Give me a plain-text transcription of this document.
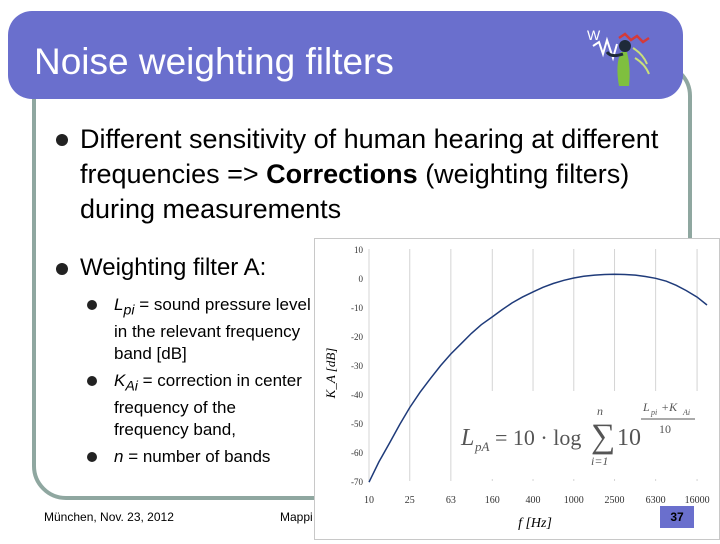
Noise weighting filters
W
Different sensitivity of human hearing at different frequencies => Corrections (weighting filters) during measurements
Weighting filter A:
$L_{pi}$ = sound pressure level in the relevant frequency band [dB]
$K_{Ai}$ = correction in center frequency of the frequency band,
n = number of bands
München, Nov. 23, 2012	Mappi
10
0
-10
-20
-30
-40
-50
-60
-70
10	25	63	160	400 1000 2500 6300 16000
K_A [dB]
f [Hz]
L pA = 10 · log
n
∑
i=1
10
L pi +K Ai
10
37
